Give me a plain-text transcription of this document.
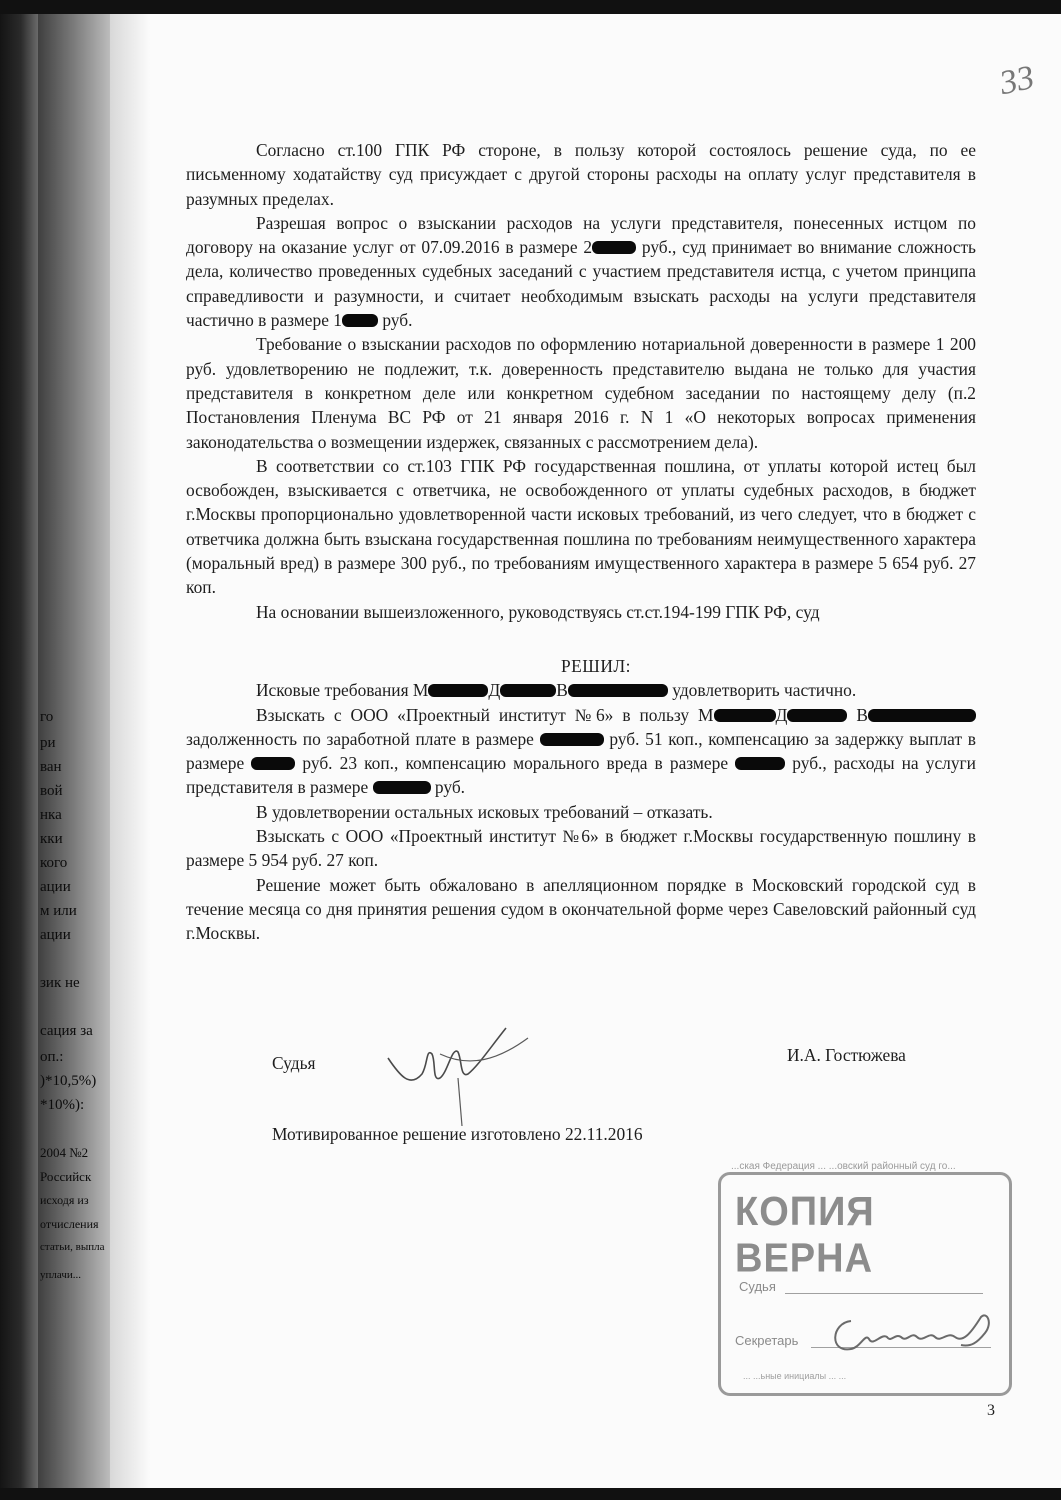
го
ри
ван
вой
нка
кки
кого
ации
м или
ации
зик не
сация за
оп.:
)*10,5%)
*10%):
2004 №2
Российск
исходя из
отчисления
статьи, выпла
уплачи...
33

Согласно ст.100 ГПК РФ стороне, в пользу которой состоялось решение суда, по ее письменному ходатайству суд присуждает с другой стороны расходы на оплату услуг представителя в разумных пределах.

Разрешая вопрос о взыскании расходов на услуги представителя, понесенных истцом по договору на оказание услуг от 07.09.2016 в размере 2	руб., суд принимает во внимание сложность дела, количество проведенных судебных заседаний с участием представителя истца, с учетом принципа справедливости и разумности, и считает необходимым взыскать расходы на услуги представителя частично в размере 1 руб.

Требование о взыскании расходов по оформлению нотариальной доверенности в размере 1 200 руб. удовлетворению не подлежит, т.к. доверенность представителю выдана не только для участия представителя в конкретном деле или конкретном судебном заседании по настоящему делу (п.2 Постановления Пленума ВС РФ от 21 января 2016 г. N 1 «О некоторых вопросах применения законодательства о возмещении издержек, связанных с рассмотрением дела).

В соответствии со ст.103 ГПК РФ государственная пошлина, от уплаты которой истец был освобожден, взыскивается с ответчика, не освобожденного от уплаты судебных расходов, в бюджет г.Москвы пропорционально удовлетворенной части исковых требований, из чего следует, что в бюджет с ответчика должна быть взыскана государственная пошлина по требованиям неимущественного характера (моральный вред) в размере 300 руб., по требованиям имущественного характера в размере 5 654 руб. 27 коп.

На основании вышеизложенного, руководствуясь ст.ст.194-199 ГПК РФ, суд

РЕШИЛ:

Исковые требования М	Д	В	удовлетворить частично.

Взыскать с ООО «Проектный институт №6» в пользу М	Д	В задолженность по заработной плате в размере	руб. 51 коп., компенсацию за задержку выплат в размере	руб. 23 коп., компенсацию морального вреда в размере	руб., расходы на услуги представителя в размере	руб.

В удовлетворении остальных исковых требований – отказать.

Взыскать с ООО «Проектный институт №6» в бюджет г.Москвы государственную пошлину в размере 5 954 руб. 27 коп.

Решение может быть обжаловано в апелляционном порядке в Московский городской суд в течение месяца со дня принятия решения судом в окончательной форме через Савеловский районный суд г.Москвы.

Судья	И.А. Гостюжева
Мотивированное решение изготовлено 22.11.2016
...ская Федерация ... ...овский районный суд го...
КОПИЯ ВЕРНА
Судья
Секретарь
... ...ьные инициалы ... ...
3
